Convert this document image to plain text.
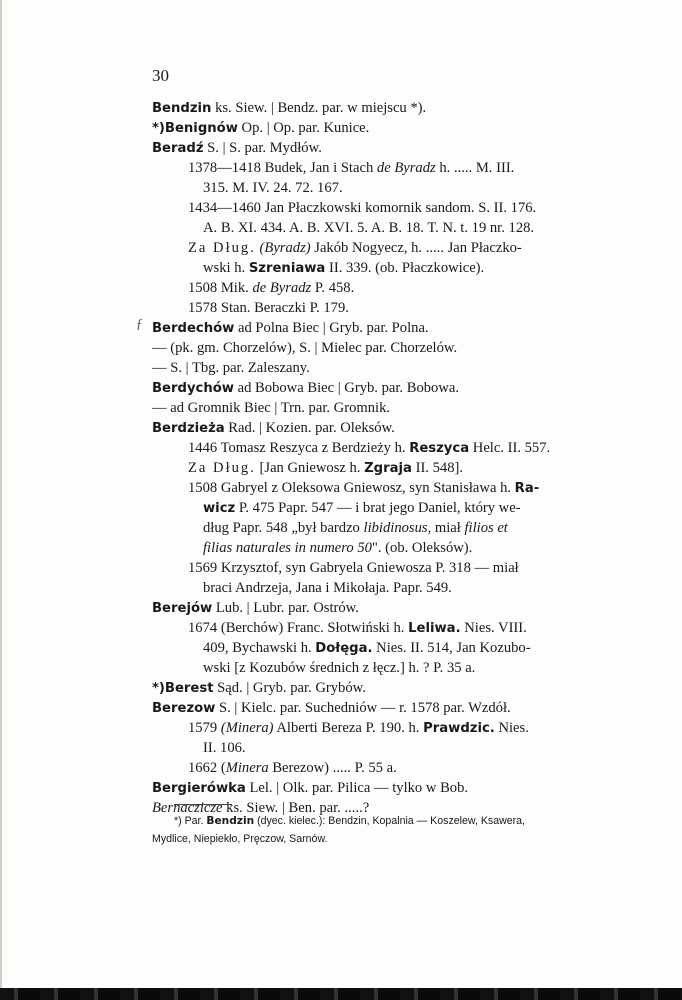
30
Bendzin ks. Siew. | Bendz. par. w miejscu *).
*)Benignów Op. | Op. par. Kunice.
Beradź S. | S. par. Mydłów.
1378—1418 Budek, Jan i Stach de Byradz h. ..... M. III.
315. M. IV. 24. 72. 167.
1434—1460 Jan Płaczkowski komornik sandom. S. II. 176.
A. B. XI. 434. A. B. XVI. 5. A. B. 18. T. N. t. 19 nr. 128.
Za Dług. (Byradz) Jakób Nogyecz, h. ..... Jan Płaczko-
wski h. Szreniawa II. 339. (ob. Płaczkowice).
1508 Mik. de Byradz P. 458.
1578 Stan. Beraczki P. 179.
Berdechów ad Polna Biec | Gryb. par. Polna.
— (pk. gm. Chorzelów), S. | Mielec par. Chorzelów.
— S. | Tbg. par. Zaleszany.
Berdychów ad Bobowa Biec | Gryb. par. Bobowa.
— ad Gromnik Biec | Trn. par. Gromnik.
Berdzieża Rad. | Kozien. par. Oleksów.
1446 Tomasz Reszyca z Berdzieży h. Reszyca Helc. II. 557.
Za Dług. [Jan Gniewosz h. Zgraja II. 548].
1508 Gabryel z Oleksowa Gniewosz, syn Stanisława h. Ra-
wicz P. 475 Papr. 547 — i brat jego Daniel, który we-
dług Papr. 548 „był bardzo libidinosus, miał filios et
filias naturales in numero 50". (ob. Oleksów).
1569 Krzysztof, syn Gabryela Gniewosza P. 318 — miał
braci Andrzeja, Jana i Mikołaja. Papr. 549.
Berejów Lub. | Lubr. par. Ostrów.
1674 (Berchów) Franc. Słotwiński h. Leliwa. Nies. VIII.
409, Bychawski h. Dołęga. Nies. II. 514, Jan Kozubo-
wski [z Kozubów średnich z łęcz.] h. ? P. 35 a.
*)Berest Sąd. | Gryb. par. Grybów.
Berezow S. | Kielc. par. Suchedniów — r. 1578 par. Wzdół.
1579 (Minera) Alberti Bereza P. 190. h. Prawdzic. Nies.
II. 106.
1662 (Minera Berezow) ..... P. 55 a.
Bergierówka Lel. | Olk. par. Pilica — tylko w Bob.
Bernaczicze ks. Siew. | Ben. par. .....?
ƒ
*) Par. Bendzin (dyec. kielec.): Bendzin, Kopalnia — Koszelew, Ksawera,
Mydlice, Niepiekło, Pręczow, Sarnów.
